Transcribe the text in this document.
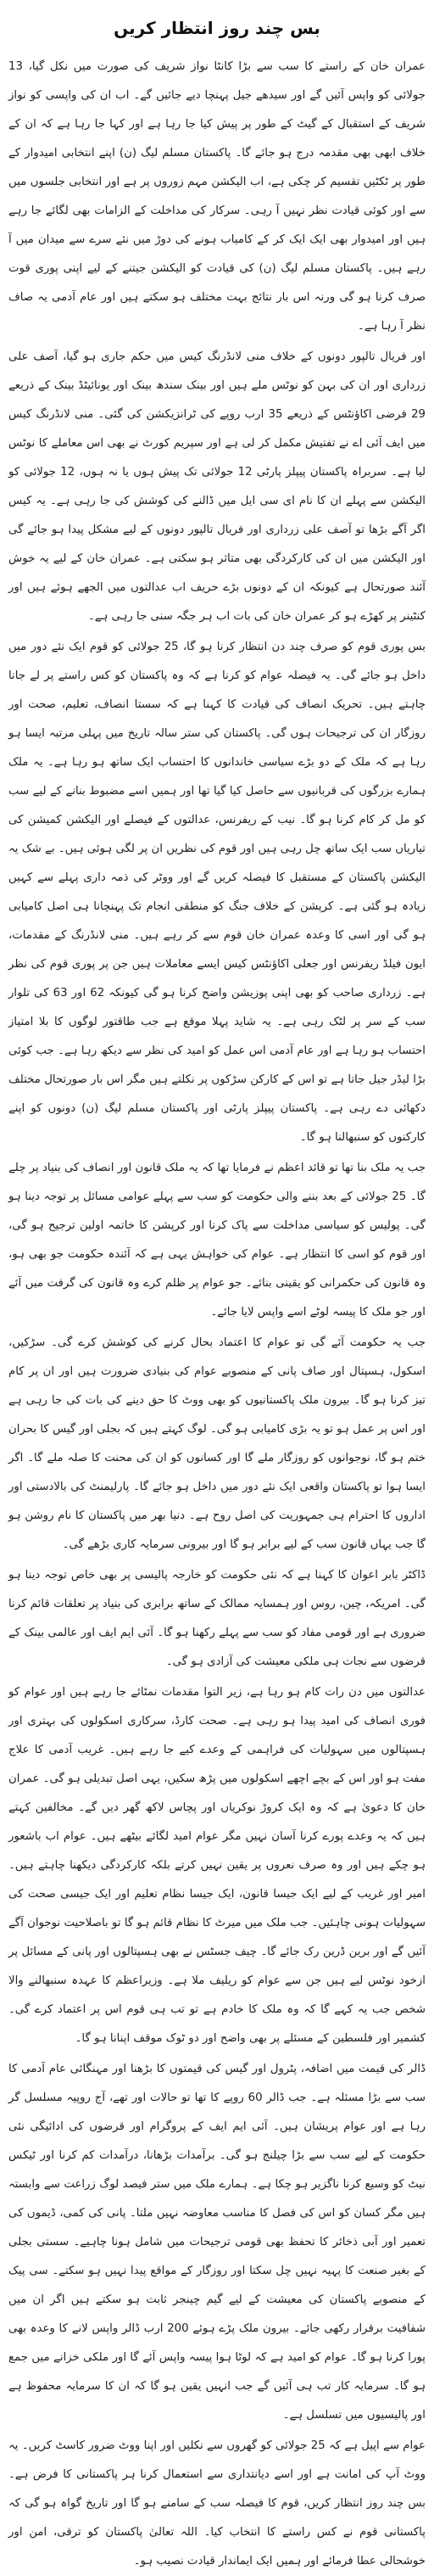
بس چند روز انتظار کریں

عمران خان کے راستے کا سب سے بڑا کانٹا نواز شریف کی صورت میں نکل گیا، 13 جولائی کو واپس آئیں گے اور سیدھے جیل پہنچا دیے جائیں گے۔ اب ان کی واپسی کو نواز شریف کے استقبال کے گیٹ کے طور پر پیش کیا جا رہا ہے اور کہا جا رہا ہے کہ ان کے خلاف ابھی بھی مقدمہ درج ہو جائے گا۔ پاکستان مسلم لیگ (ن) اپنے انتخابی امیدوار کے طور پر ٹکٹیں تقسیم کر چکی ہے، اب الیکشن مہم زوروں پر ہے اور انتخابی جلسوں میں سے اور کوئی قیادت نظر نہیں آ رہی۔ سرکار کی مداخلت کے الزامات بھی لگائے جا رہے ہیں اور امیدوار بھی ایک ایک کر کے کامیاب ہونے کی دوڑ میں نئے سرے سے میدان میں آ رہے ہیں۔ پاکستان مسلم لیگ (ن) کی قیادت کو الیکشن جیتنے کے لیے اپنی پوری قوت صرف کرنا ہو گی ورنہ اس بار نتائج بہت مختلف ہو سکتے ہیں اور عام آدمی یہ صاف نظر آ رہا ہے۔

اور فریال تالپور دونوں کے خلاف منی لانڈرنگ کیس میں حکم جاری ہو گیا، آصف علی زرداری اور ان کی بہن کو نوٹس ملے ہیں اور بینک سندھ بینک اور یونائیٹڈ بینک کے ذریعے 29 فرضی اکاؤنٹس کے ذریعے 35 ارب روپے کی ٹرانزیکشن کی گئی۔ منی لانڈرنگ کیس میں ایف آئی اے نے تفتیش مکمل کر لی ہے اور سپریم کورٹ نے بھی اس معاملے کا نوٹس لیا ہے۔ سربراہ پاکستان پیپلز پارٹی 12 جولائی تک پیش ہوں یا نہ ہوں، 12 جولائی کو الیکشن سے پہلے ان کا نام ای سی ایل میں ڈالنے کی کوشش کی جا رہی ہے۔ یہ کیس اگر آگے بڑھا تو آصف علی زرداری اور فریال تالپور دونوں کے لیے مشکل پیدا ہو جائے گی اور الیکشن میں ان کی کارکردگی بھی متاثر ہو سکتی ہے۔ عمران خان کے لیے یہ خوش آئند صورتحال ہے کیونکہ ان کے دونوں بڑے حریف اب عدالتوں میں الجھے ہوئے ہیں اور کنٹینر پر کھڑے ہو کر عمران خان کی بات اب ہر جگہ سنی جا رہی ہے۔

بس پوری قوم کو صرف چند دن انتظار کرنا ہو گا، 25 جولائی کو قوم ایک نئے دور میں داخل ہو جائے گی۔ یہ فیصلہ عوام کو کرنا ہے کہ وہ پاکستان کو کس راستے پر لے جانا چاہتے ہیں۔ تحریک انصاف کی قیادت کا کہنا ہے کہ سستا انصاف، تعلیم، صحت اور روزگار ان کی ترجیحات ہوں گی۔ پاکستان کی ستر سالہ تاریخ میں پہلی مرتبہ ایسا ہو رہا ہے کہ ملک کے دو بڑے سیاسی خاندانوں کا احتساب ایک ساتھ ہو رہا ہے۔ یہ ملک ہمارے بزرگوں کی قربانیوں سے حاصل کیا گیا تھا اور ہمیں اسے مضبوط بنانے کے لیے سب کو مل کر کام کرنا ہو گا۔ نیب کے ریفرنس، عدالتوں کے فیصلے اور الیکشن کمیشن کی تیاریاں سب ایک ساتھ چل رہی ہیں اور قوم کی نظریں ان پر لگی ہوئی ہیں۔ بے شک یہ الیکشن پاکستان کے مستقبل کا فیصلہ کریں گے اور ووٹر کی ذمہ داری پہلے سے کہیں زیادہ ہو گئی ہے۔ کرپشن کے خلاف جنگ کو منطقی انجام تک پہنچانا ہی اصل کامیابی ہو گی اور اسی کا وعدہ عمران خان قوم سے کر رہے ہیں۔ منی لانڈرنگ کے مقدمات، ایون فیلڈ ریفرنس اور جعلی اکاؤنٹس کیس ایسے معاملات ہیں جن پر پوری قوم کی نظر ہے۔ زرداری صاحب کو بھی اپنی پوزیشن واضح کرنا ہو گی کیونکہ 62 اور 63 کی تلوار سب کے سر پر لٹک رہی ہے۔ یہ شاید پہلا موقع ہے جب طاقتور لوگوں کا بلا امتیاز احتساب ہو رہا ہے اور عام آدمی اس عمل کو امید کی نظر سے دیکھ رہا ہے۔ جب کوئی بڑا لیڈر جیل جاتا ہے تو اس کے کارکن سڑکوں پر نکلتے ہیں مگر اس بار صورتحال مختلف دکھائی دے رہی ہے۔ پاکستان پیپلز پارٹی اور پاکستان مسلم لیگ (ن) دونوں کو اپنے کارکنوں کو سنبھالنا ہو گا۔

جب یہ ملک بنا تھا تو قائد اعظم نے فرمایا تھا کہ یہ ملک قانون اور انصاف کی بنیاد پر چلے گا۔ 25 جولائی کے بعد بننے والی حکومت کو سب سے پہلے عوامی مسائل پر توجہ دینا ہو گی۔ پولیس کو سیاسی مداخلت سے پاک کرنا اور کرپشن کا خاتمہ اولین ترجیح ہو گی، اور قوم کو اسی کا انتظار ہے۔ عوام کی خواہش یہی ہے کہ آئندہ حکومت جو بھی ہو، وہ قانون کی حکمرانی کو یقینی بنائے۔ جو عوام پر ظلم کرے وہ قانون کی گرفت میں آئے اور جو ملک کا پیسہ لوٹے اسے واپس لایا جائے۔

جب یہ حکومت آئے گی تو عوام کا اعتماد بحال کرنے کی کوشش کرے گی۔ سڑکیں، اسکول، ہسپتال اور صاف پانی کے منصوبے عوام کی بنیادی ضرورت ہیں اور ان پر کام تیز کرنا ہو گا۔ بیرون ملک پاکستانیوں کو بھی ووٹ کا حق دینے کی بات کی جا رہی ہے اور اس پر عمل ہو تو یہ بڑی کامیابی ہو گی۔ لوگ کہتے ہیں کہ بجلی اور گیس کا بحران ختم ہو گا، نوجوانوں کو روزگار ملے گا اور کسانوں کو ان کی محنت کا صلہ ملے گا۔ اگر ایسا ہوا تو پاکستان واقعی ایک نئے دور میں داخل ہو جائے گا۔ پارلیمنٹ کی بالادستی اور اداروں کا احترام ہی جمہوریت کی اصل روح ہے۔ دنیا بھر میں پاکستان کا نام روشن ہو گا جب یہاں قانون سب کے لیے برابر ہو گا اور بیرونی سرمایہ کاری بڑھے گی۔

ڈاکٹر بابر اعوان کا کہنا ہے کہ نئی حکومت کو خارجہ پالیسی پر بھی خاص توجہ دینا ہو گی۔ امریکہ، چین، روس اور ہمسایہ ممالک کے ساتھ برابری کی بنیاد پر تعلقات قائم کرنا ضروری ہے اور قومی مفاد کو سب سے پہلے رکھنا ہو گا۔ آئی ایم ایف اور عالمی بینک کے قرضوں سے نجات ہی ملکی معیشت کی آزادی ہو گی۔

عدالتوں میں دن رات کام ہو رہا ہے، زیر التوا مقدمات نمٹائے جا رہے ہیں اور عوام کو فوری انصاف کی امید پیدا ہو رہی ہے۔ صحت کارڈ، سرکاری اسکولوں کی بہتری اور ہسپتالوں میں سہولیات کی فراہمی کے وعدے کیے جا رہے ہیں۔ غریب آدمی کا علاج مفت ہو اور اس کے بچے اچھے اسکولوں میں پڑھ سکیں، یہی اصل تبدیلی ہو گی۔ عمران خان کا دعویٰ ہے کہ وہ ایک کروڑ نوکریاں اور پچاس لاکھ گھر دیں گے۔ مخالفین کہتے ہیں کہ یہ وعدے پورے کرنا آسان نہیں مگر عوام امید لگائے بیٹھے ہیں۔ عوام اب باشعور ہو چکے ہیں اور وہ صرف نعروں پر یقین نہیں کرتے بلکہ کارکردگی دیکھنا چاہتے ہیں۔ امیر اور غریب کے لیے ایک جیسا قانون، ایک جیسا نظام تعلیم اور ایک جیسی صحت کی سہولیات ہونی چاہئیں۔ جب ملک میں میرٹ کا نظام قائم ہو گا تو باصلاحیت نوجوان آگے آئیں گے اور برین ڈرین رک جائے گا۔ چیف جسٹس نے بھی ہسپتالوں اور پانی کے مسائل پر ازخود نوٹس لیے ہیں جن سے عوام کو ریلیف ملا ہے۔ وزیراعظم کا عہدہ سنبھالنے والا شخص جب یہ کہے گا کہ وہ ملک کا خادم ہے تو تب ہی قوم اس پر اعتماد کرے گی۔ کشمیر اور فلسطین کے مسئلے پر بھی واضح اور دو ٹوک موقف اپنانا ہو گا۔

ڈالر کی قیمت میں اضافہ، پٹرول اور گیس کی قیمتوں کا بڑھنا اور مہنگائی عام آدمی کا سب سے بڑا مسئلہ ہے۔ جب ڈالر 60 روپے کا تھا تو حالات اور تھے، آج روپیہ مسلسل گر رہا ہے اور عوام پریشان ہیں۔ آئی ایم ایف کے پروگرام اور قرضوں کی ادائیگی نئی حکومت کے لیے سب سے بڑا چیلنج ہو گی۔ برآمدات بڑھانا، درآمدات کم کرنا اور ٹیکس نیٹ کو وسیع کرنا ناگزیر ہو چکا ہے۔ ہمارے ملک میں ستر فیصد لوگ زراعت سے وابستہ ہیں مگر کسان کو اس کی فصل کا مناسب معاوضہ نہیں ملتا۔ پانی کی کمی، ڈیموں کی تعمیر اور آبی ذخائر کا تحفظ بھی قومی ترجیحات میں شامل ہونا چاہیے۔ سستی بجلی کے بغیر صنعت کا پہیہ نہیں چل سکتا اور روزگار کے مواقع پیدا نہیں ہو سکتے۔ سی پیک کے منصوبے پاکستان کی معیشت کے لیے گیم چینجر ثابت ہو سکتے ہیں اگر ان میں شفافیت برقرار رکھی جائے۔ بیرون ملک پڑے ہوئے 200 ارب ڈالر واپس لانے کا وعدہ بھی پورا کرنا ہو گا۔ عوام کو امید ہے کہ لوٹا ہوا پیسہ واپس آئے گا اور ملکی خزانے میں جمع ہو گا۔ سرمایہ کار تب ہی آئیں گے جب انہیں یقین ہو گا کہ ان کا سرمایہ محفوظ ہے اور پالیسیوں میں تسلسل ہے۔

عوام سے اپیل ہے کہ 25 جولائی کو گھروں سے نکلیں اور اپنا ووٹ ضرور کاسٹ کریں۔ یہ ووٹ آپ کی امانت ہے اور اسے دیانتداری سے استعمال کرنا ہر پاکستانی کا فرض ہے۔ بس چند روز انتظار کریں، قوم کا فیصلہ سب کے سامنے ہو گا اور تاریخ گواہ ہو گی کہ پاکستانی قوم نے کس راستے کا انتخاب کیا۔ اللہ تعالیٰ پاکستان کو ترقی، امن اور خوشحالی عطا فرمائے اور ہمیں ایک ایماندار قیادت نصیب ہو۔
